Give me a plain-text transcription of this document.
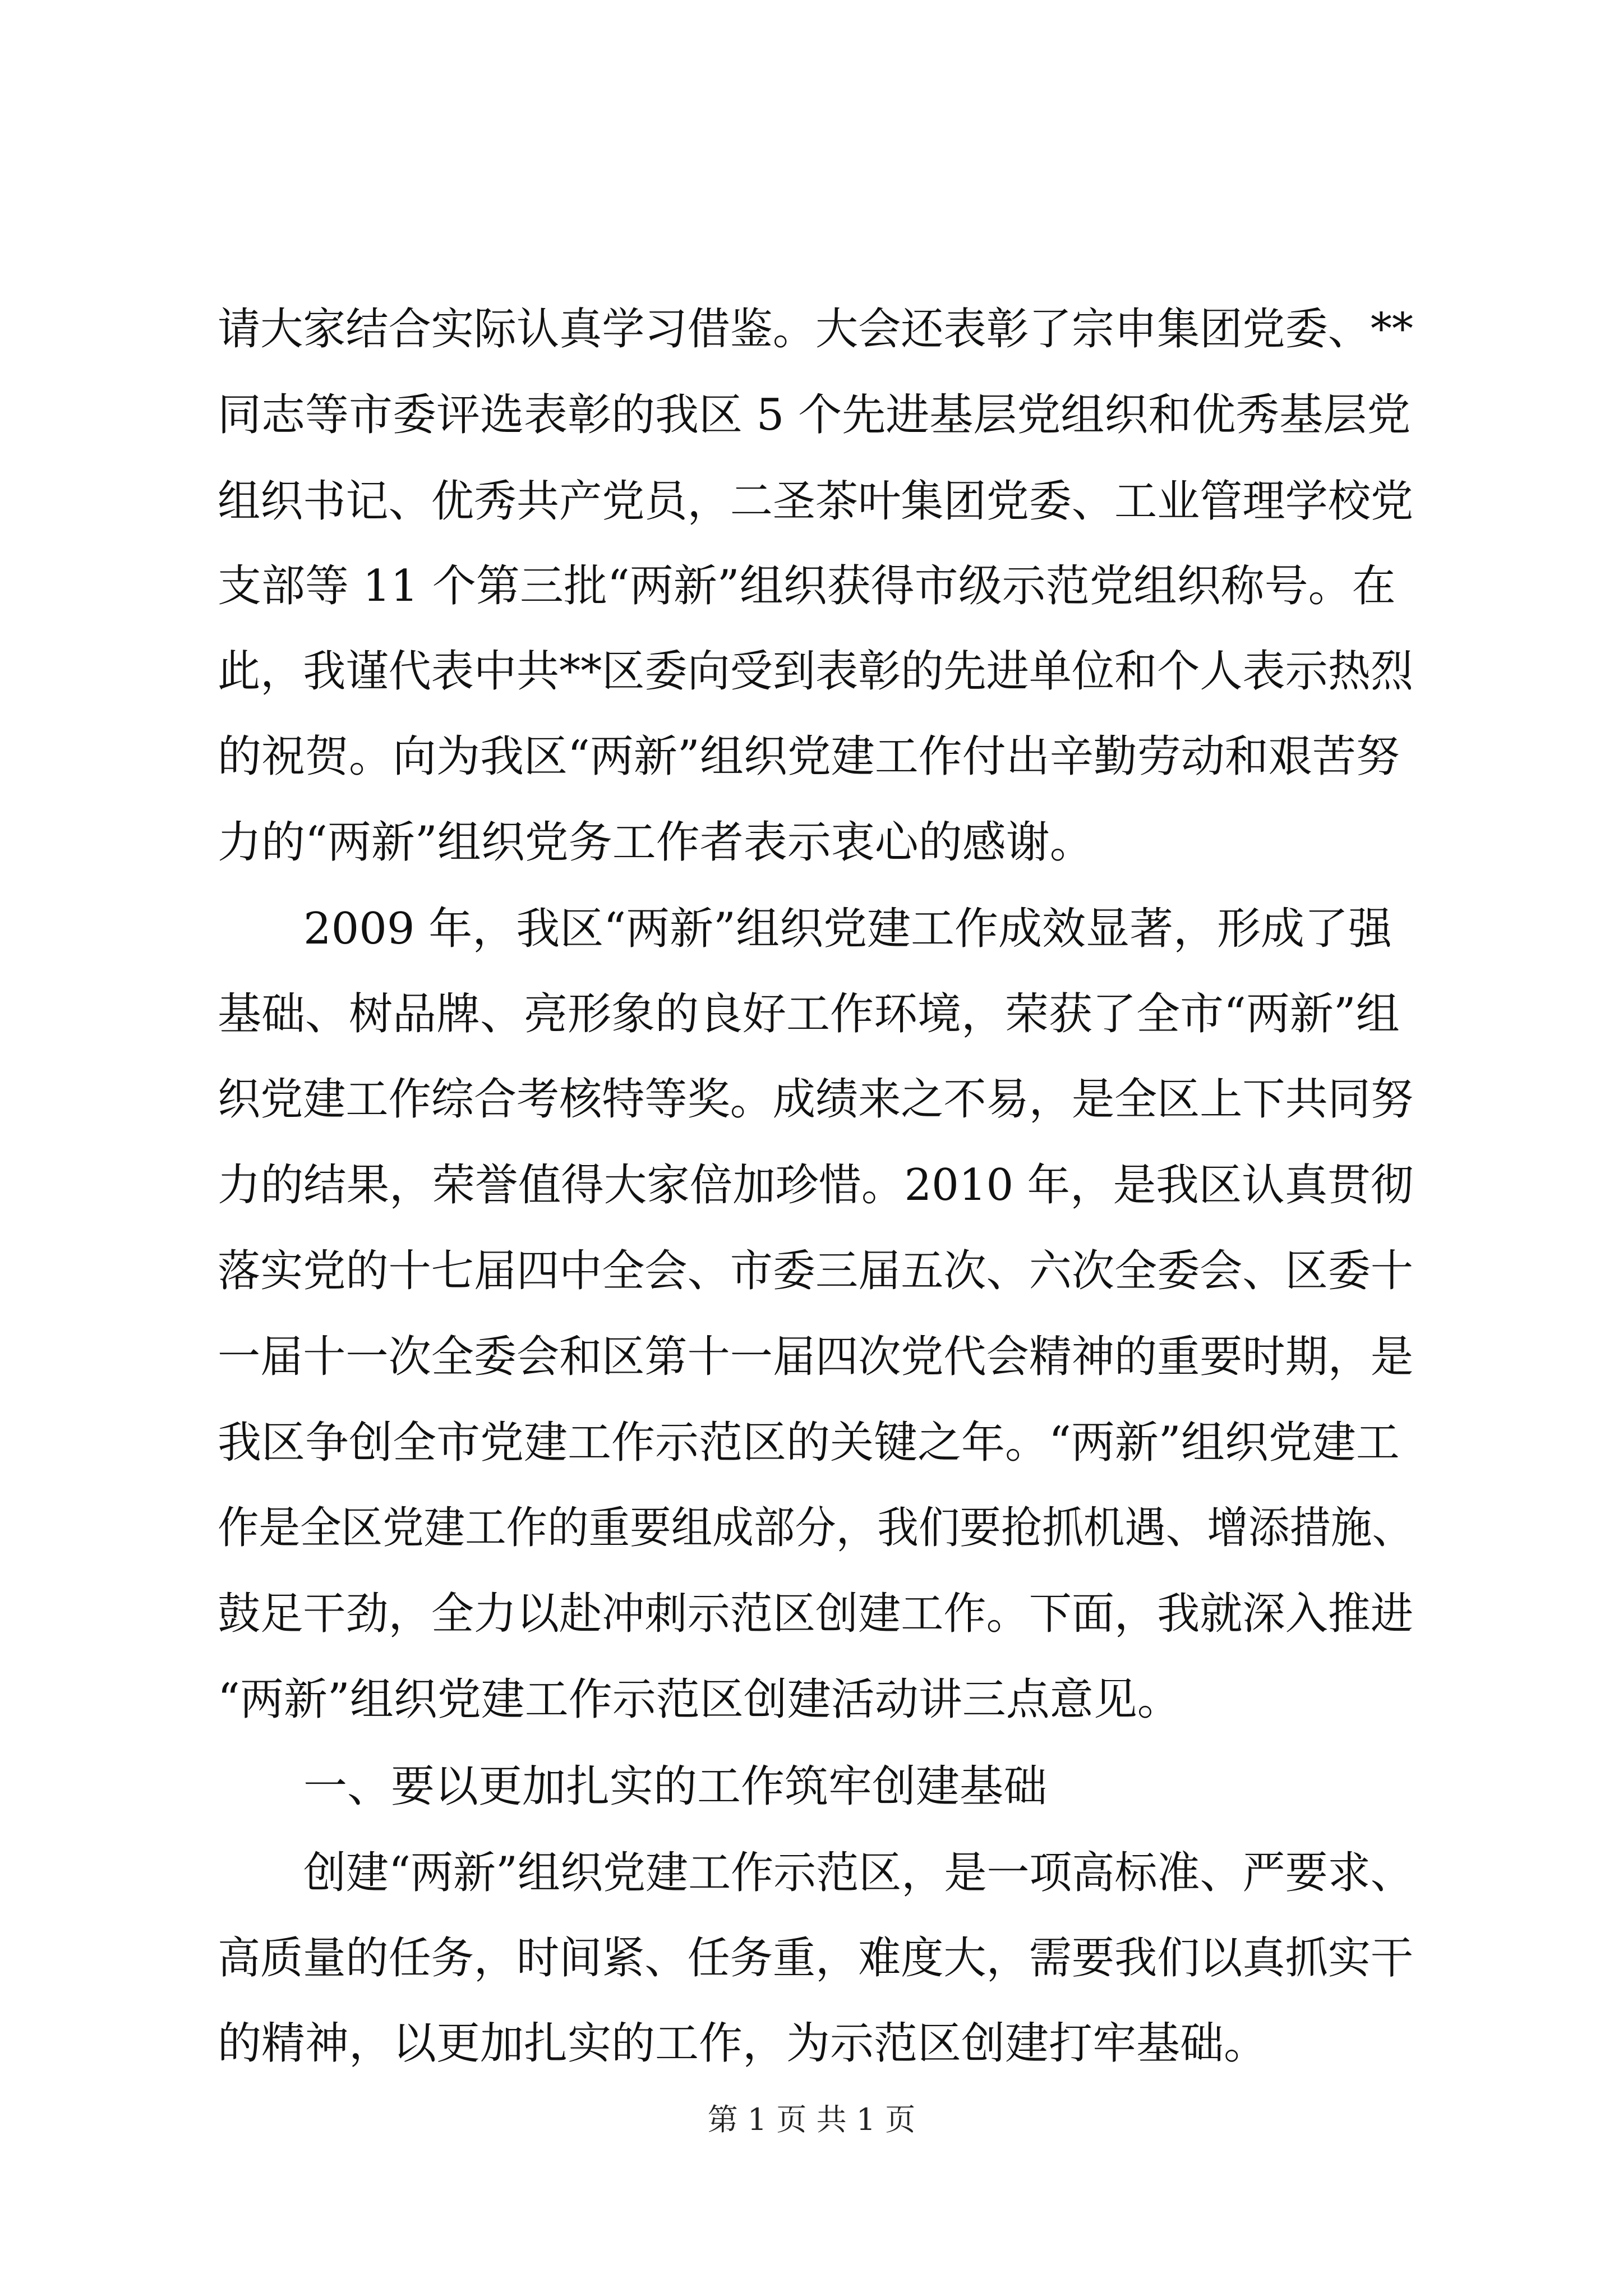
请大家结合实际认真学习借鉴。大会还表彰了宗申集团党委、**
同志等市委评选表彰的我区 5 个先进基层党组织和优秀基层党
组织书记、优秀共产党员，二圣茶叶集团党委、工业管理学校党
支部等 11 个第三批“两新”组织获得市级示范党组织称号。在
此，我谨代表中共**区委向受到表彰的先进单位和个人表示热烈
的祝贺。向为我区“两新”组织党建工作付出辛勤劳动和艰苦努
力的“两新”组织党务工作者表示衷心的感谢。
2009 年，我区“两新”组织党建工作成效显著，形成了强
基础、树品牌、亮形象的良好工作环境，荣获了全市“两新”组
织党建工作综合考核特等奖。成绩来之不易，是全区上下共同努
力的结果，荣誉值得大家倍加珍惜。2010 年，是我区认真贯彻
落实党的十七届四中全会、市委三届五次、六次全委会、区委十
一届十一次全委会和区第十一届四次党代会精神的重要时期，是
我区争创全市党建工作示范区的关键之年。“两新”组织党建工
作是全区党建工作的重要组成部分，我们要抢抓机遇、增添措施、
鼓足干劲，全力以赴冲刺示范区创建工作。下面，我就深入推进
“两新”组织党建工作示范区创建活动讲三点意见。
一、要以更加扎实的工作筑牢创建基础
创建“两新”组织党建工作示范区，是一项高标准、严要求、
高质量的任务，时间紧、任务重，难度大，需要我们以真抓实干
的精神，以更加扎实的工作，为示范区创建打牢基础。
第 1 页 共 1 页
